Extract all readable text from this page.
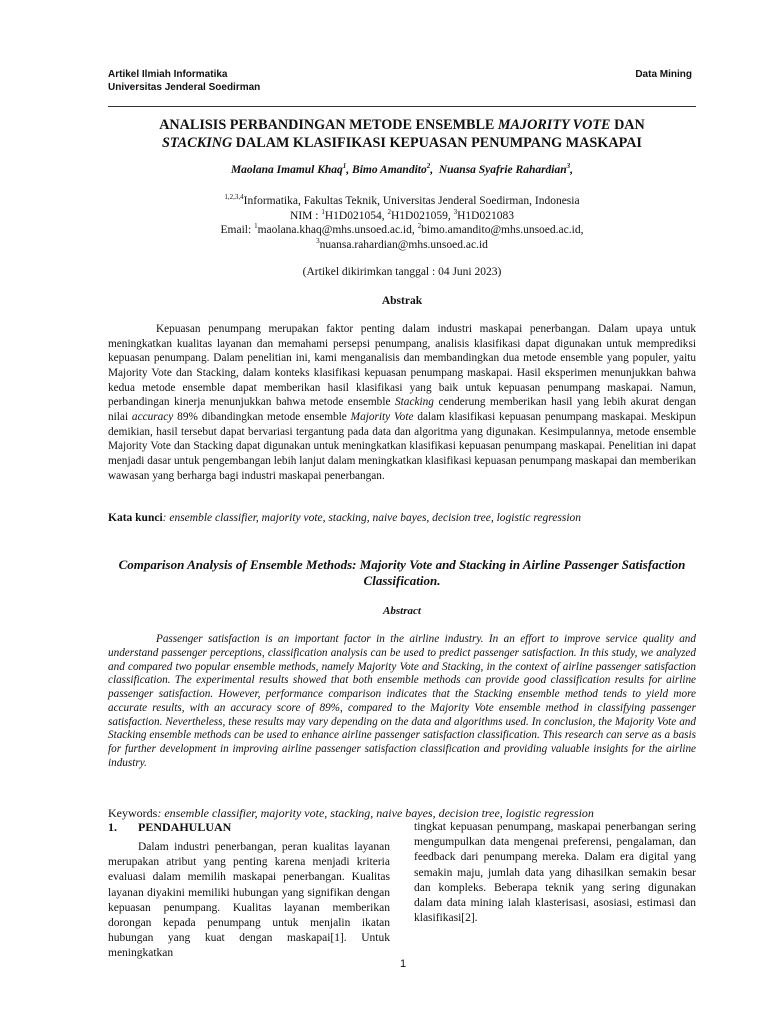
Artikel Ilmiah Informatika
Universitas Jenderal Soedirman
Data Mining
ANALISIS PERBANDINGAN METODE ENSEMBLE MAJORITY VOTE DAN
STACKING DALAM KLASIFIKASI KEPUASAN PENUMPANG MASKAPAI
Maolana Imamul Khaq$^1$, Bimo Amandito$^2$,  Nuansa Syafrie Rahardian$^3$,
$^{1,2,3,4}$Informatika, Fakultas Teknik, Universitas Jenderal Soedirman, Indonesia
NIM : $^1$H1D021054, $^2$H1D021059, $^3$H1D021083
Email: $^1$maolana.khaq@mhs.unsoed.ac.id, $^2$bimo.amandito@mhs.unsoed.ac.id,
$^3$nuansa.rahardian@mhs.unsoed.ac.id
(Artikel dikirimkan tanggal : 04 Juni 2023)
Abstrak
Kepuasan penumpang merupakan faktor penting dalam industri maskapai penerbangan. Dalam upaya untuk meningkatkan kualitas layanan dan memahami persepsi penumpang, analisis klasifikasi dapat digunakan untuk memprediksi kepuasan penumpang. Dalam penelitian ini, kami menganalisis dan membandingkan dua metode ensemble yang populer, yaitu Majority Vote dan Stacking, dalam konteks klasifikasi kepuasan penumpang maskapai. Hasil eksperimen menunjukkan bahwa kedua metode ensemble dapat memberikan hasil klasifikasi yang baik untuk kepuasan penumpang maskapai. Namun, perbandingan kinerja menunjukkan bahwa metode ensemble Stacking cenderung memberikan hasil yang lebih akurat dengan nilai accuracy 89% dibandingkan metode ensemble Majority Vote dalam klasifikasi kepuasan penumpang maskapai. Meskipun demikian, hasil tersebut dapat bervariasi tergantung pada data dan algoritma yang digunakan. Kesimpulannya, metode ensemble Majority Vote dan Stacking dapat digunakan untuk meningkatkan klasifikasi kepuasan penumpang maskapai. Penelitian ini dapat menjadi dasar untuk pengembangan lebih lanjut dalam meningkatkan klasifikasi kepuasan penumpang maskapai dan memberikan wawasan yang berharga bagi industri maskapai penerbangan.
Kata kunci: ensemble classifier, majority vote, stacking, naive bayes, decision tree, logistic regression
Comparison Analysis of Ensemble Methods: Majority Vote and Stacking in Airline Passenger Satisfaction Classification.
Abstract
Passenger satisfaction is an important factor in the airline industry. In an effort to improve service quality and understand passenger perceptions, classification analysis can be used to predict passenger satisfaction. In this study, we analyzed and compared two popular ensemble methods, namely Majority Vote and Stacking, in the context of airline passenger satisfaction classification. The experimental results showed that both ensemble methods can provide good classification results for airline passenger satisfaction. However, performance comparison indicates that the Stacking ensemble method tends to yield more accurate results, with an accuracy score of 89%, compared to the Majority Vote ensemble method in classifying passenger satisfaction. Nevertheless, these results may vary depending on the data and algorithms used. In conclusion, the Majority Vote and Stacking ensemble methods can be used to enhance airline passenger satisfaction classification. This research can serve as a basis for further development in improving airline passenger satisfaction classification and providing valuable insights for the airline industry.
Keywords: ensemble classifier, majority vote, stacking, naive bayes, decision tree, logistic regression
1. PENDAHULUAN

Dalam industri penerbangan, peran kualitas layanan merupakan atribut yang penting karena menjadi kriteria evaluasi dalam memilih maskapai penerbangan. Kualitas layanan diyakini memiliki hubungan yang signifikan dengan kepuasan penumpang. Kualitas layanan memberikan dorongan kepada penumpang untuk menjalin ikatan hubungan yang kuat dengan maskapai[1]. Untuk meningkatkan

tingkat kepuasan penumpang, maskapai penerbangan sering mengumpulkan data mengenai preferensi, pengalaman, dan feedback dari penumpang mereka. Dalam era digital yang semakin maju, jumlah data yang dihasilkan semakin besar dan kompleks. Beberapa teknik yang sering digunakan dalam data mining ialah klasterisasi, asosiasi, estimasi dan klasifikasi[2].

1
